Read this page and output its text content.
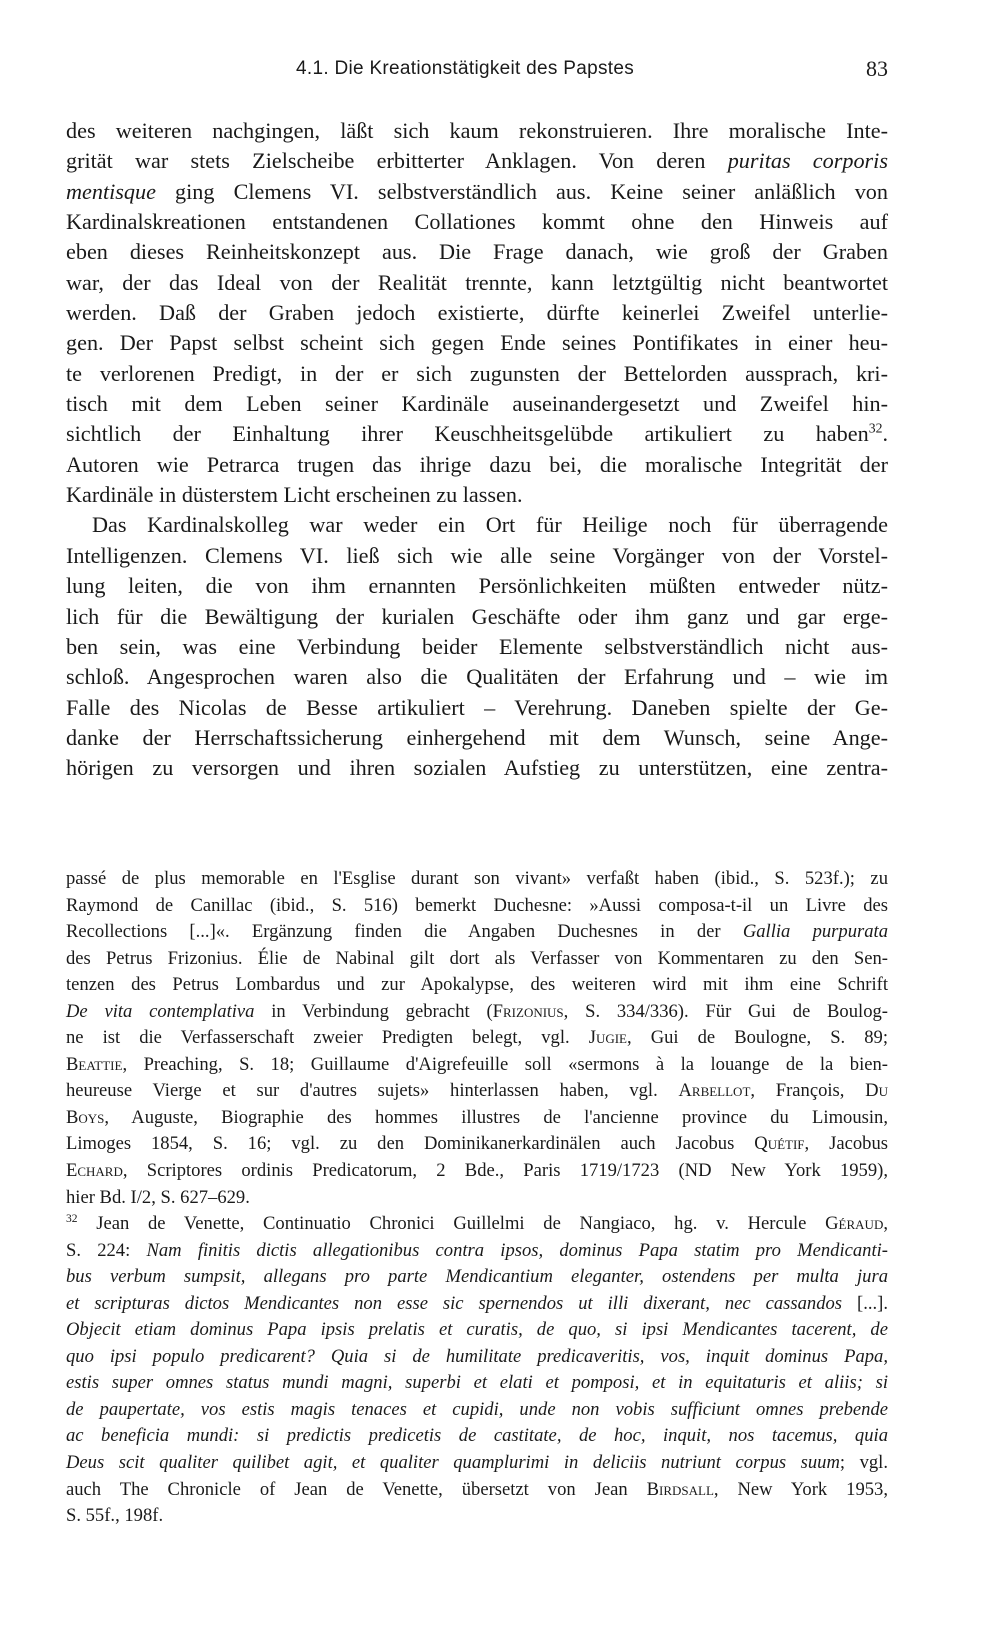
4.1. Die Kreationstätigkeit des Papstes	83
des weiteren nachgingen, läßt sich kaum rekonstruieren. Ihre moralische Inte-
grität war stets Zielscheibe erbitterter Anklagen. Von deren puritas corporis
mentisque ging Clemens VI. selbstverständlich aus. Keine seiner anläßlich von
Kardinalskreationen entstandenen Collationes kommt ohne den Hinweis auf
eben dieses Reinheitskonzept aus. Die Frage danach, wie groß der Graben
war, der das Ideal von der Realität trennte, kann letztgültig nicht beantwortet
werden. Daß der Graben jedoch existierte, dürfte keinerlei Zweifel unterlie-
gen. Der Papst selbst scheint sich gegen Ende seines Pontifikates in einer heu-
te verlorenen Predigt, in der er sich zugunsten der Bettelorden aussprach, kri-
tisch mit dem Leben seiner Kardinäle auseinandergesetzt und Zweifel hin-
sichtlich der Einhaltung ihrer Keuschheitsgelübde artikuliert zu haben$^{32}$.
Autoren wie Petrarca trugen das ihrige dazu bei, die moralische Integrität der
Kardinäle in düsterstem Licht erscheinen zu lassen.
Das Kardinalskolleg war weder ein Ort für Heilige noch für überragende
Intelligenzen. Clemens VI. ließ sich wie alle seine Vorgänger von der Vorstel-
lung leiten, die von ihm ernannten Persönlichkeiten müßten entweder nütz-
lich für die Bewältigung der kurialen Geschäfte oder ihm ganz und gar erge-
ben sein, was eine Verbindung beider Elemente selbstverständlich nicht aus-
schloß. Angesprochen waren also die Qualitäten der Erfahrung und – wie im
Falle des Nicolas de Besse artikuliert – Verehrung. Daneben spielte der Ge-
danke der Herrschaftssicherung einhergehend mit dem Wunsch, seine Ange-
hörigen zu versorgen und ihren sozialen Aufstieg zu unterstützen, eine zentra-
passé de plus memorable en l'Esglise durant son vivant» verfaßt haben (ibid., S. 523f.); zu
Raymond de Canillac (ibid., S. 516) bemerkt Duchesne: »Aussi composa-t-il un Livre des
Recollections [...]«. Ergänzung finden die Angaben Duchesnes in der Gallia purpurata
des Petrus Frizonius. Élie de Nabinal gilt dort als Verfasser von Kommentaren zu den Sen-
tenzen des Petrus Lombardus und zur Apokalypse, des weiteren wird mit ihm eine Schrift
De vita contemplativa in Verbindung gebracht (Frizonius, S. 334/336). Für Gui de Boulog-
ne ist die Verfasserschaft zweier Predigten belegt, vgl. Jugie, Gui de Boulogne, S. 89;
Beattie, Preaching, S. 18; Guillaume d'Aigrefeuille soll «sermons à la louange de la bien-
heureuse Vierge et sur d'autres sujets» hinterlassen haben, vgl. Arbellot, François, Du
Boys, Auguste, Biographie des hommes illustres de l'ancienne province du Limousin,
Limoges 1854, S. 16; vgl. zu den Dominikanerkardinälen auch Jacobus Quétif, Jacobus
Echard, Scriptores ordinis Predicatorum, 2 Bde., Paris 1719/1723 (ND New York 1959),
hier Bd. I/2, S. 627–629.
$^{32}$ Jean de Venette, Continuatio Chronici Guillelmi de Nangiaco, hg. v. Hercule Géraud,
S. 224: Nam finitis dictis allegationibus contra ipsos, dominus Papa statim pro Mendicanti-
bus verbum sumpsit, allegans pro parte Mendicantium eleganter, ostendens per multa jura
et scripturas dictos Mendicantes non esse sic spernendos ut illi dixerant, nec cassandos [...].
Objecit etiam dominus Papa ipsis prelatis et curatis, de quo, si ipsi Mendicantes tacerent, de
quo ipsi populo predicarent? Quia si de humilitate predicaveritis, vos, inquit dominus Papa,
estis super omnes status mundi magni, superbi et elati et pomposi, et in equitaturis et aliis; si
de paupertate, vos estis magis tenaces et cupidi, unde non vobis sufficiunt omnes prebende
ac beneficia mundi: si predictis predicetis de castitate, de hoc, inquit, nos tacemus, quia
Deus scit qualiter quilibet agit, et qualiter quamplurimi in deliciis nutriunt corpus suum; vgl.
auch The Chronicle of Jean de Venette, übersetzt von Jean Birdsall, New York 1953,
S. 55f., 198f.
